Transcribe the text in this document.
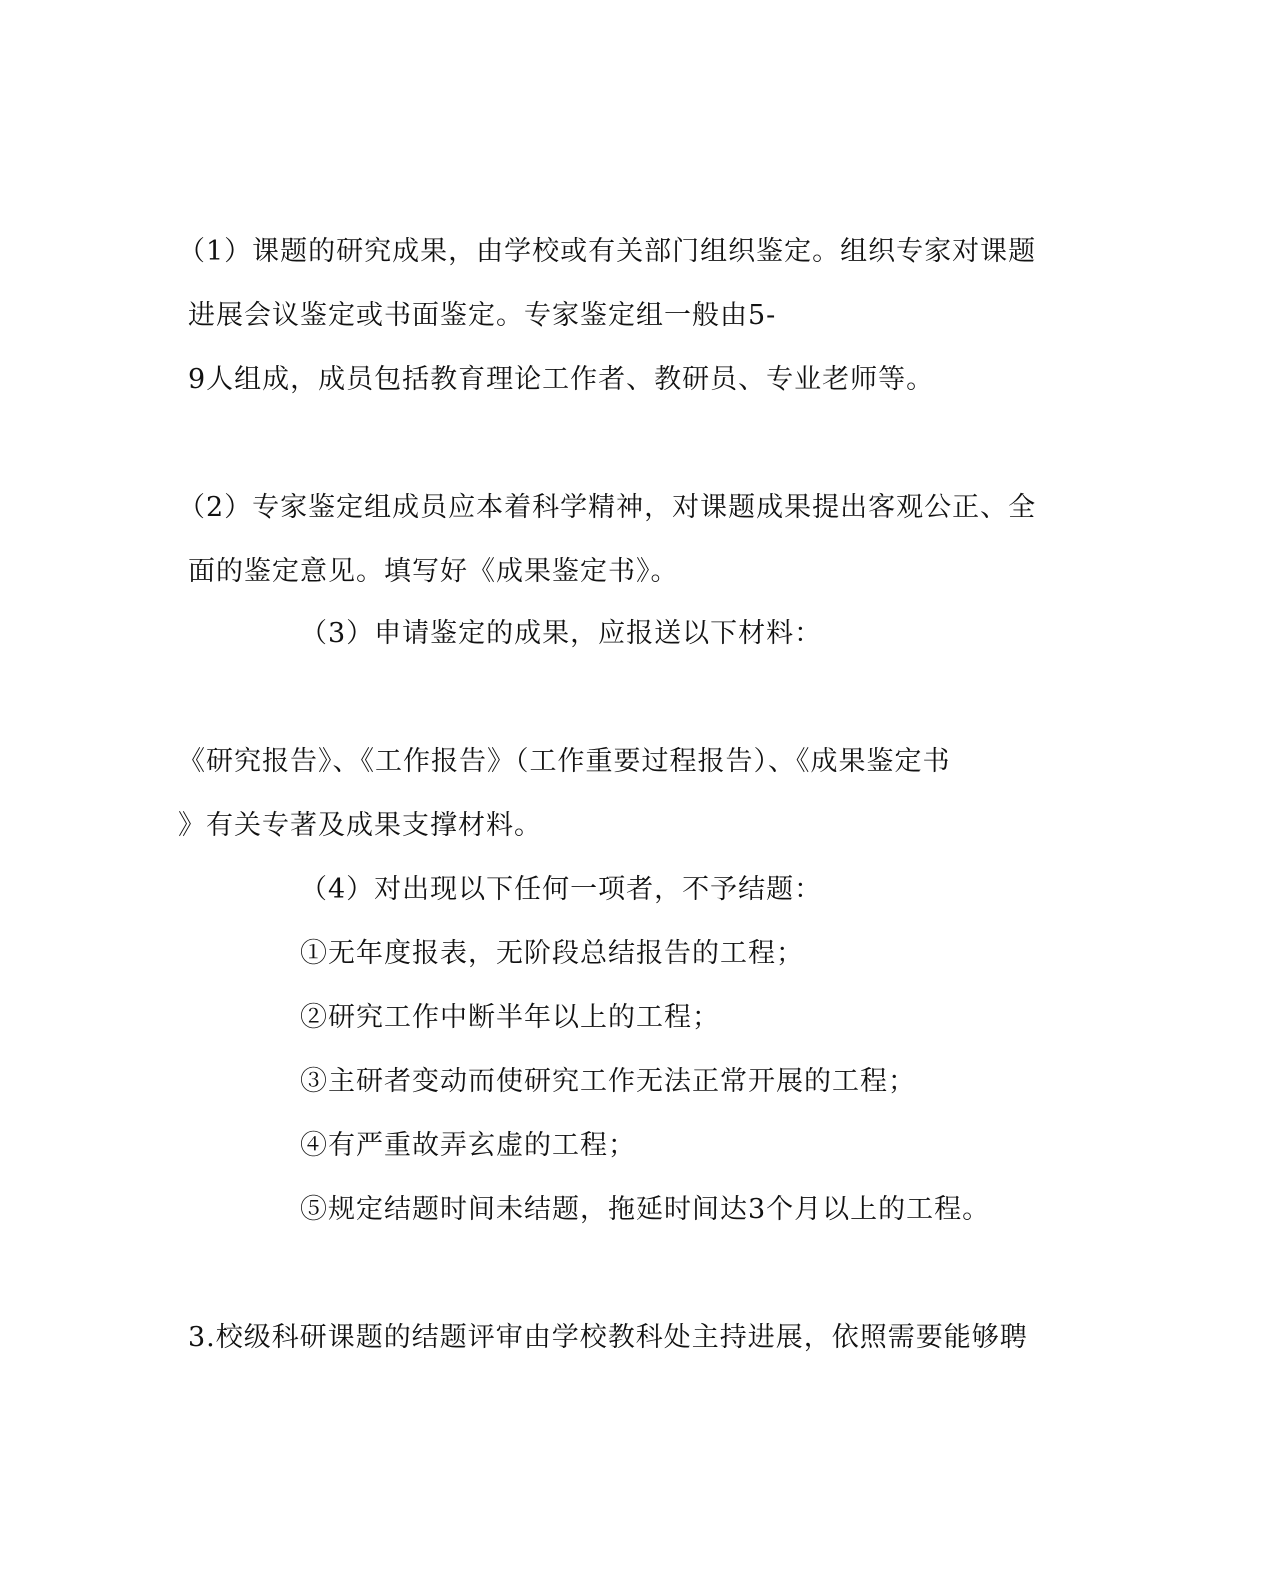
（1）课题的研究成果，由学校或有关部门组织鉴定。组织专家对课题
进展会议鉴定或书面鉴定。专家鉴定组一般由5-
9人组成，成员包括教育理论工作者、教研员、专业老师等。
（2）专家鉴定组成员应本着科学精神，对课题成果提出客观公正、全
面的鉴定意见。填写好《成果鉴定书》。
（3）申请鉴定的成果，应报送以下材料：
《研究报告》、《工作报告》（工作重要过程报告）、《成果鉴定书
》有关专著及成果支撑材料。
（4）对出现以下任何一项者，不予结题：
①无年度报表，无阶段总结报告的工程；
②研究工作中断半年以上的工程；
③主研者变动而使研究工作无法正常开展的工程；
④有严重故弄玄虚的工程；
⑤规定结题时间未结题，拖延时间达3个月以上的工程。
3.校级科研课题的结题评审由学校教科处主持进展，依照需要能够聘
